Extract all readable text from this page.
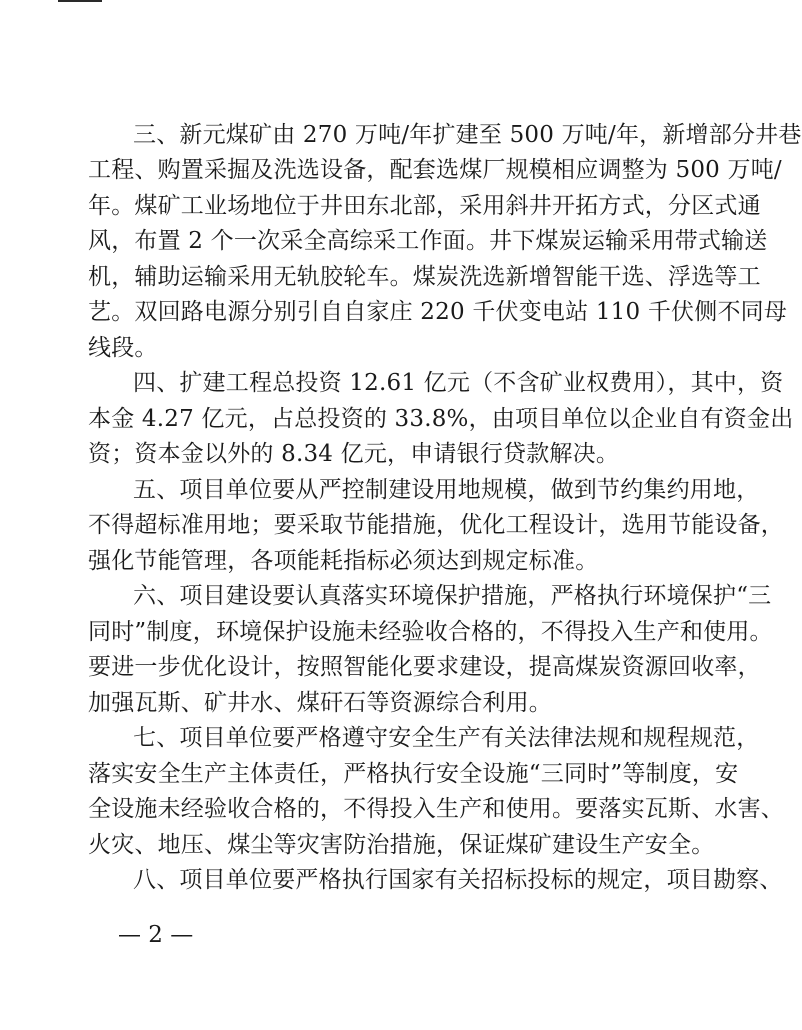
三、新元煤矿由 270 万吨/年扩建至 500 万吨/年，新增部分井巷

工程、购置采掘及洗选设备，配套选煤厂规模相应调整为 500 万吨/

年。煤矿工业场地位于井田东北部，采用斜井开拓方式，分区式通

风，布置 2 个一次采全高综采工作面。井下煤炭运输采用带式输送

机，辅助运输采用无轨胶轮车。煤炭洗选新增智能干选、浮选等工

艺。双回路电源分别引自自家庄 220 千伏变电站 110 千伏侧不同母

线段。

四、扩建工程总投资 12.61 亿元（不含矿业权费用），其中，资

本金 4.27 亿元，占总投资的 33.8%，由项目单位以企业自有资金出

资；资本金以外的 8.34 亿元，申请银行贷款解决。

五、项目单位要从严控制建设用地规模，做到节约集约用地，

不得超标准用地；要采取节能措施，优化工程设计，选用节能设备，

强化节能管理，各项能耗指标必须达到规定标准。

六、项目建设要认真落实环境保护措施，严格执行环境保护“三

同时”制度，环境保护设施未经验收合格的，不得投入生产和使用。

要进一步优化设计，按照智能化要求建设，提高煤炭资源回收率，

加强瓦斯、矿井水、煤矸石等资源综合利用。

七、项目单位要严格遵守安全生产有关法律法规和规程规范，

落实安全生产主体责任，严格执行安全设施“三同时”等制度，安

全设施未经验收合格的，不得投入生产和使用。要落实瓦斯、水害、

火灾、地压、煤尘等灾害防治措施，保证煤矿建设生产安全。

八、项目单位要严格执行国家有关招标投标的规定，项目勘察、

— 2 —
